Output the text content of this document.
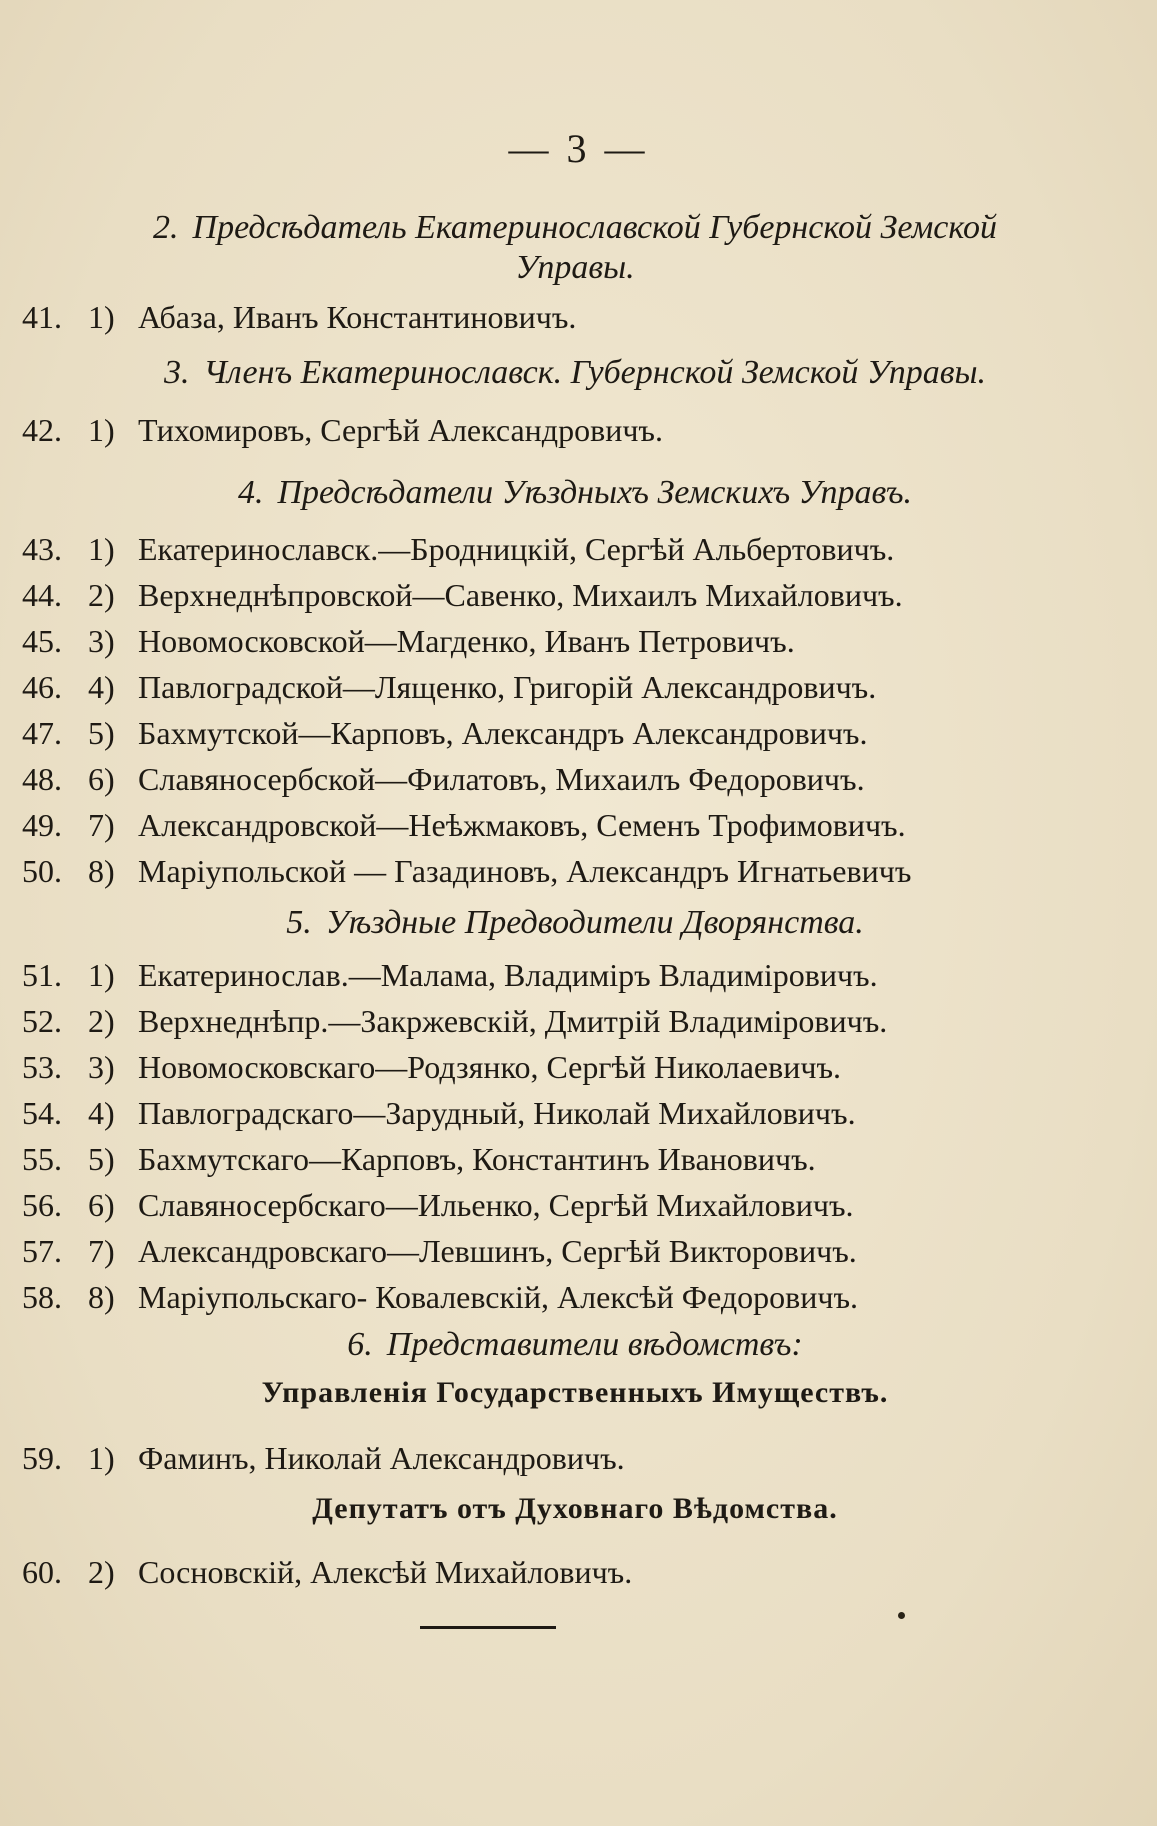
— 3 —
2. Предсѣдатель Екатеринославской Губернской Земской
Управы.
41. 1) Абаза, Иванъ Константиновичъ.
3. Членъ Екатеринославск. Губернской Земской Управы.
42. 1) Тихомировъ, Сергѣй Александровичъ.
4. Предсѣдатели Уѣздныхъ Земскихъ Управъ.
43. 1) Екатеринославск.—Бродницкій, Сергѣй Альбертовичъ.
44. 2) Верхнеднѣпровской—Савенко, Михаилъ Михайловичъ.
45. 3) Новомосковской—Магденко, Иванъ Петровичъ.
46. 4) Павлоградской—Лященко, Григорій Александровичъ.
47. 5) Бахмутской—Карповъ, Александръ Александровичъ.
48. 6) Славяносербской—Филатовъ, Михаилъ Федоровичъ.
49. 7) Александровской—Неѣжмаковъ, Семенъ Трофимовичъ.
50. 8) Маріупольской — Газадиновъ, Александръ Игнатьевичъ
5. Уѣздные Предводители Дворянства.
51. 1) Екатеринослав.—Малама, Владиміръ Владиміровичъ.
52. 2) Верхнеднѣпр.—Закржевскій, Дмитрій Владиміровичъ.
53. 3) Новомосковскаго—Родзянко, Сергѣй Николаевичъ.
54. 4) Павлоградскаго—Зарудный, Николай Михайловичъ.
55. 5) Бахмутскаго—Карповъ, Константинъ Ивановичъ.
56. 6) Славяносербскаго—Ильенко, Сергѣй Михайловичъ.
57. 7) Александровскаго—Левшинъ, Сергѣй Викторовичъ.
58. 8) Маріупольскаго- Ковалевскій, Алексѣй Федоровичъ.
6. Представители вѣдомствъ:
Управленія Государственныхъ Имуществъ.
59. 1) Фаминъ, Николай Александровичъ.
Депутатъ отъ Духовнаго Вѣдомства.
60. 2) Сосновскій, Алексѣй Михайловичъ.
